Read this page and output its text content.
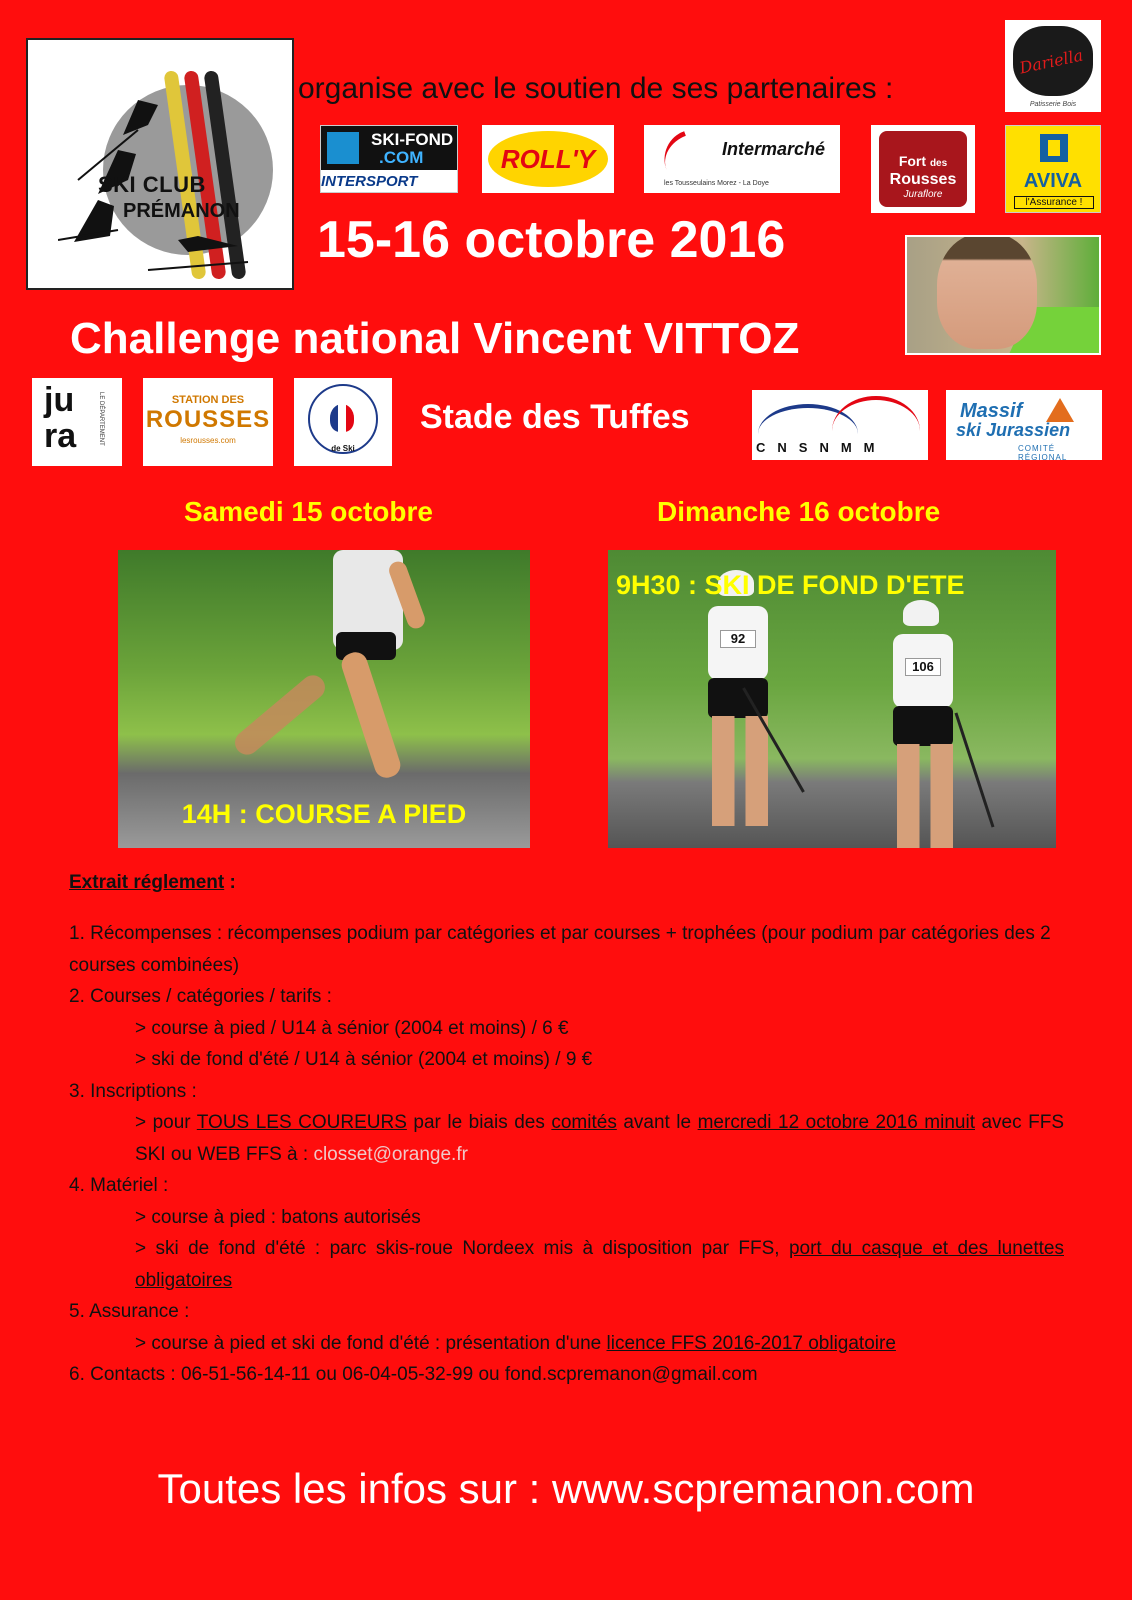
SKI CLUB
PRÉMANON
organise avec le soutien de ses partenaires :
Dariella
Patisserie Bois
SKI-FOND
.COM
INTERSPORT
ROLL'Y	Intermarché
les Tousseulains Morez - La Doye
Fort des
Rousses
Juraflore
AVIVA
l'Assurance !
15-16 octobre 2016
Challenge national Vincent VITTOZ
ju
ra	LE DÉPARTEMENT	STATION DES
ROUSSES
lesrousses.com
de Ski
Stade des Tuffes
CNSNMM
Massif
ski Jurassien
COMITÉ RÉGIONAL
Samedi 15 octobre	Dimanche 16 octobre
14H : COURSE A PIED
92
106
9H30 : SKI DE FOND D'ETE
Extrait réglement :
1. Récompenses : récompenses podium par catégories et par courses + trophées (pour podium par catégories des 2 courses combinées)
2. Courses / catégories / tarifs :
> course à pied / U14 à sénior (2004 et moins) / 6 €
> ski de fond d'été / U14 à sénior (2004 et moins) / 9 €
3. Inscriptions :
> pour TOUS LES COUREURS par le biais des comités avant le mercredi 12 octobre 2016 minuit avec FFS SKI ou WEB FFS à : closset@orange.fr
4. Matériel :
> course à pied : batons autorisés
> ski de fond d'été : parc skis-roue Nordeex mis à disposition par FFS, port du casque et des lunettes obligatoires
5. Assurance :
> course à pied et ski de fond d'été : présentation d'une licence FFS 2016-2017 obligatoire
6. Contacts : 06-51-56-14-11 ou 06-04-05-32-99 ou fond.scpremanon@gmail.com
Toutes les infos sur : www.scpremanon.com
